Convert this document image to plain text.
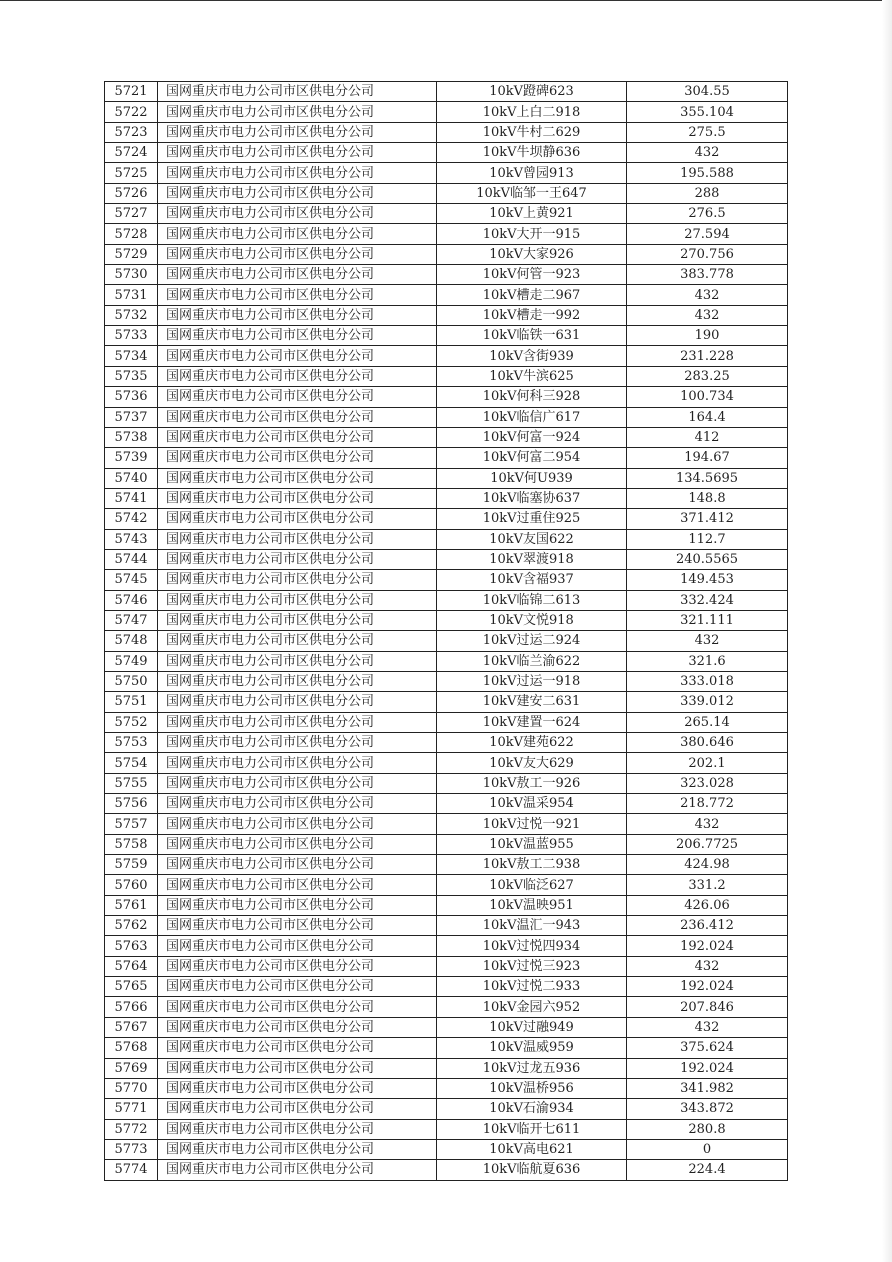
5721	国网重庆市电力公司市区供电分公司	10kV蹬碑623	304.55
5722	国网重庆市电力公司市区供电分公司	10kV上白二918	355.104
5723	国网重庆市电力公司市区供电分公司	10kV牛村二629	275.5
5724	国网重庆市电力公司市区供电分公司	10kV牛坝静636	432
5725	国网重庆市电力公司市区供电分公司	10kV曾园913	195.588
5726	国网重庆市电力公司市区供电分公司	10kV临邹一王647	288
5727	国网重庆市电力公司市区供电分公司	10kV上黄921	276.5
5728	国网重庆市电力公司市区供电分公司	10kV大开一915	27.594
5729	国网重庆市电力公司市区供电分公司	10kV大家926	270.756
5730	国网重庆市电力公司市区供电分公司	10kV何管一923	383.778
5731	国网重庆市电力公司市区供电分公司	10kV槽走二967	432
5732	国网重庆市电力公司市区供电分公司	10kV槽走一992	432
5733	国网重庆市电力公司市区供电分公司	10kV临铁一631	190
5734	国网重庆市电力公司市区供电分公司	10kV含街939	231.228
5735	国网重庆市电力公司市区供电分公司	10kV牛滨625	283.25
5736	国网重庆市电力公司市区供电分公司	10kV何科三928	100.734
5737	国网重庆市电力公司市区供电分公司	10kV临信广617	164.4
5738	国网重庆市电力公司市区供电分公司	10kV何富一924	412
5739	国网重庆市电力公司市区供电分公司	10kV何富二954	194.67
5740	国网重庆市电力公司市区供电分公司	10kV何U939	134.5695
5741	国网重庆市电力公司市区供电分公司	10kV临塞协637	148.8
5742	国网重庆市电力公司市区供电分公司	10kV过重住925	371.412
5743	国网重庆市电力公司市区供电分公司	10kV友国622	112.7
5744	国网重庆市电力公司市区供电分公司	10kV翠渡918	240.5565
5745	国网重庆市电力公司市区供电分公司	10kV含福937	149.453
5746	国网重庆市电力公司市区供电分公司	10kV临锦二613	332.424
5747	国网重庆市电力公司市区供电分公司	10kV文悦918	321.111
5748	国网重庆市电力公司市区供电分公司	10kV过运二924	432
5749	国网重庆市电力公司市区供电分公司	10kV临兰渝622	321.6
5750	国网重庆市电力公司市区供电分公司	10kV过运一918	333.018
5751	国网重庆市电力公司市区供电分公司	10kV建安二631	339.012
5752	国网重庆市电力公司市区供电分公司	10kV建置一624	265.14
5753	国网重庆市电力公司市区供电分公司	10kV建苑622	380.646
5754	国网重庆市电力公司市区供电分公司	10kV友大629	202.1
5755	国网重庆市电力公司市区供电分公司	10kV敖工一926	323.028
5756	国网重庆市电力公司市区供电分公司	10kV温采954	218.772
5757	国网重庆市电力公司市区供电分公司	10kV过悦一921	432
5758	国网重庆市电力公司市区供电分公司	10kV温蓝955	206.7725
5759	国网重庆市电力公司市区供电分公司	10kV敖工二938	424.98
5760	国网重庆市电力公司市区供电分公司	10kV临泛627	331.2
5761	国网重庆市电力公司市区供电分公司	10kV温映951	426.06
5762	国网重庆市电力公司市区供电分公司	10kV温汇一943	236.412
5763	国网重庆市电力公司市区供电分公司	10kV过悦四934	192.024
5764	国网重庆市电力公司市区供电分公司	10kV过悦三923	432
5765	国网重庆市电力公司市区供电分公司	10kV过悦二933	192.024
5766	国网重庆市电力公司市区供电分公司	10kV金园六952	207.846
5767	国网重庆市电力公司市区供电分公司	10kV过融949	432
5768	国网重庆市电力公司市区供电分公司	10kV温威959	375.624
5769	国网重庆市电力公司市区供电分公司	10kV过龙五936	192.024
5770	国网重庆市电力公司市区供电分公司	10kV温桥956	341.982
5771	国网重庆市电力公司市区供电分公司	10kV石渝934	343.872
5772	国网重庆市电力公司市区供电分公司	10kV临开七611	280.8
5773	国网重庆市电力公司市区供电分公司	10kV高电621	0
5774	国网重庆市电力公司市区供电分公司	10kV临航夏636	224.4
